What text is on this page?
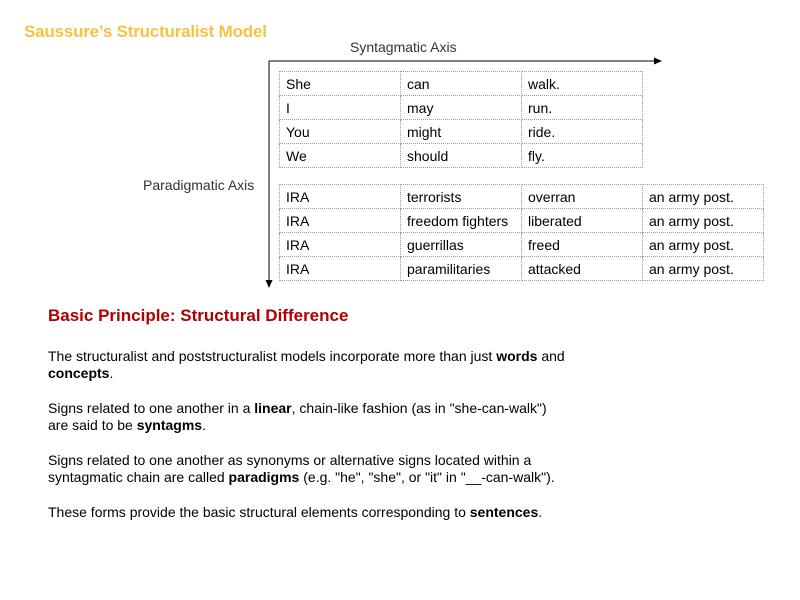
Saussure’s Structuralist Model
Syntagmatic Axis
Paradigmatic Axis
She	can	walk.
I	may	run.
You	might	ride.
We	should	fly.
IRA	terrorists	overran	an army post.
IRA	freedom fighters	liberated	an army post.
IRA	guerrillas	freed	an army post.
IRA	paramilitaries	attacked	an army post.
Basic Principle: Structural Difference

The structuralist and poststructuralist models incorporate more than just words and concepts.

Signs related to one another in a linear, chain-like fashion (as in "she-can-walk") are said to be syntagms.

Signs related to one another as synonyms or alternative signs located within a syntagmatic chain are called paradigms (e.g. "he", "she", or "it" in "__-can-walk").

These forms provide the basic structural elements corresponding to sentences.
